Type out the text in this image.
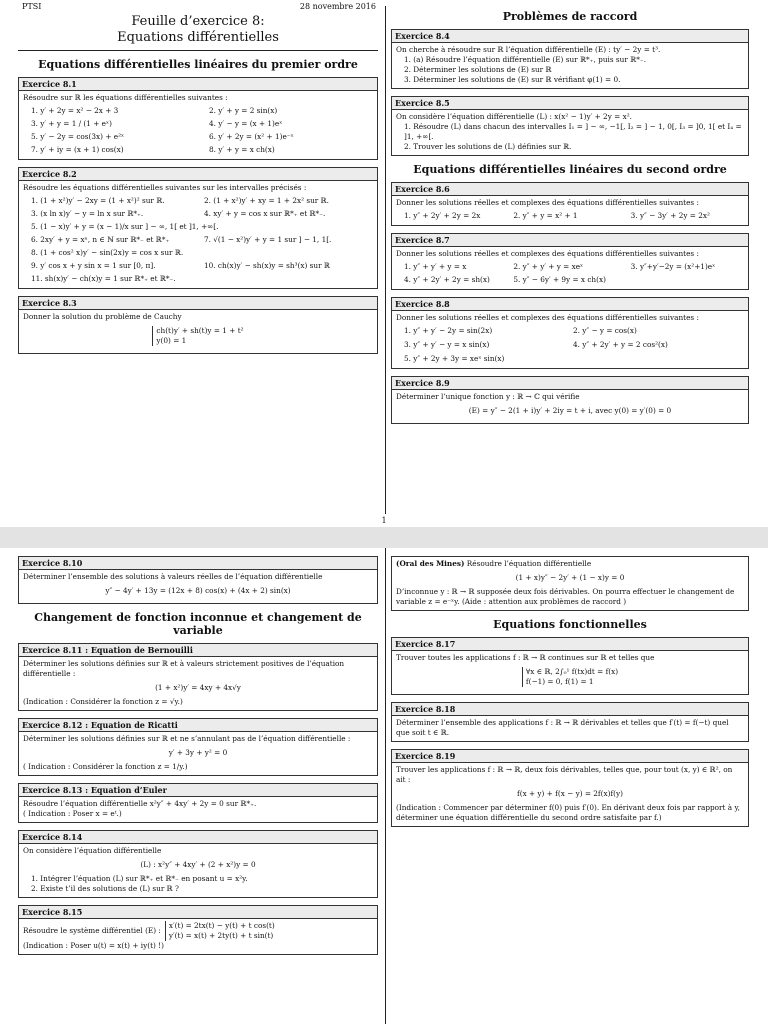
PTSI	28 novembre 2016
Feuille d’exercice 8:
Equations différentielles
Equations différentielles linéaires du premier ordre
Exercice 8.1
Résoudre sur ℝ les équations différentielles suivantes :
1. y′ + 2y = x² − 2x + 3	2. y′ + y = 2 sin(x)
3. y′ + y = 1 / (1 + eˣ)	4. y′ − y = (x + 1)eˣ
5. y′ − 2y = cos(3x) + e²ˣ	6. y′ + 2y = (x² + 1)e⁻ˣ
7. y′ + iy = (x + 1) cos(x)	8. y′ + y = x ch(x)
Exercice 8.2
Résoudre les équations différentielles suivantes sur les intervalles précisés :
1. (1 + x²)y′ − 2xy = (1 + x²)² sur ℝ.	2. (1 + x²)y′ + xy = 1 + 2x² sur ℝ.
3. (x ln x)y′ − y = ln x sur ℝ*₊.	4. xy′ + y = cos x sur ℝ*₊ et ℝ*₋.
5. (1 − x)y′ + y = (x − 1)/x sur ] − ∞, 1[ et ]1, +∞[.
6. 2xy′ + y = xⁿ, n ∈ ℕ sur ℝ*₋ et ℝ*₊	7. √(1 − x²)y′ + y = 1 sur ] − 1, 1[.
8. (1 + cos² x)y′ − sin(2x)y = cos x sur ℝ.
9. y′ cos x + y sin x = 1 sur [0, π].	10. ch(x)y′ − sh(x)y = sh³(x) sur ℝ
11. sh(x)y′ − ch(x)y = 1 sur ℝ*₊ et ℝ*₋.
Exercice 8.3
Donner la solution du problème de Cauchy
ch(t)y′ + sh(t)y = 1 + t²
y(0) = 1
Problèmes de raccord
Exercice 8.4
On cherche à résoudre sur ℝ l’équation différentielle (E) : ty′ − 2y = t³.
1. (a) Résoudre l’équation différentielle (E) sur ℝ*₊, puis sur ℝ*₋.
2. Déterminer les solutions de (E) sur ℝ
3. Déterminer les solutions de (E) sur ℝ vérifiant φ(1) = 0.
Exercice 8.5
On considère l’équation différentielle (L) : x(x² − 1)y′ + 2y = x².
1. Résoudre (L) dans chacun des intervalles I₁ = ] − ∞, −1[, I₂ = ] − 1, 0[, I₃ = ]0, 1[ et I₄ = ]1, +∞[.
2. Trouver les solutions de (L) définies sur ℝ.
Equations différentielles linéaires du second ordre
Exercice 8.6
Donner les solutions réelles et complexes des équations différentielles suivantes :
1. y″ + 2y′ + 2y = 2x	2. y″ + y = x² + 1	3. y″ − 3y′ + 2y = 2x²
Exercice 8.7
Donner les solutions réelles et complexes des équations différentielles suivantes :
1. y″ + y′ + y = x	2. y″ + y′ + y = xeˣ	3. y″+y′−2y = (x²+1)eˣ
4. y″ + 2y′ + 2y = sh(x)	5. y″ − 6y′ + 9y = x ch(x)
Exercice 8.8
Donner les solutions réelles et complexes des équations différentielles suivantes :
1. y″ + y′ − 2y = sin(2x)	2. y″ − y = cos(x)
3. y″ + y′ − y = x sin(x)	4. y″ + 2y′ + y = 2 cos²(x)
5. y″ + 2y + 3y = xeˣ sin(x)
Exercice 8.9
Déterminer l’unique fonction y : ℝ → ℂ qui vérifie
(E) = y″ − 2(1 + i)y′ + 2iy = t + i, avec y(0) = y′(0) = 0
1
Exercice 8.10
Déterminer l’ensemble des solutions à valeurs réelles de l’équation différentielle
y″ − 4y′ + 13y = (12x + 8) cos(x) + (4x + 2) sin(x)
Changement de fonction inconnue et changement de variable
Exercice 8.11 : Equation de Bernouilli
Déterminer les solutions définies sur ℝ et à valeurs strictement positives de l’équation différentielle :
(1 + x²)y′ = 4xy + 4x√y
(Indication : Considérer la fonction z = √y.)
Exercice 8.12 : Equation de Ricatti
Déterminer les solutions définies sur ℝ et ne s’annulant pas de l’équation différentielle :
y′ + 3y + y² = 0
( Indication : Considérer la fonction z = 1/y.)
Exercice 8.13 : Equation d’Euler
Résoudre l’équation différentielle x²y″ + 4xy′ + 2y = 0 sur ℝ*₊.
( Indication : Poser x = eᵗ.)
Exercice 8.14
On considère l’équation différentielle
(L) : x²y″ + 4xy′ + (2 + x²)y = 0
1. Intégrer l’équation (L) sur ℝ*₊ et ℝ*₋ en posant u = x²y.
2. Existe t’il des solutions de (L) sur ℝ ?
Exercice 8.15
Résoudre le système différentiel (E) :
x′(t) = 2tx(t) − y(t) + t cos(t)
y′(t) = x(t) + 2ty(t) + t sin(t)
(Indication : Poser u(t) = x(t) + iy(t) !)
(Oral des Mines) Résoudre l’équation différentielle
(1 + x)y″ − 2y′ + (1 − x)y = 0
D’inconnue y : ℝ → ℝ supposée deux fois dérivables. On pourra effectuer le changement de variable z = e⁻ˣy. (Aide : attention aux problèmes de raccord )
Equations fonctionnelles
Exercice 8.17
Trouver toutes les applications f : ℝ → ℝ continues sur ℝ et telles que
∀x ∈ ℝ, 2∫₀¹ f(tx)dt = f(x)
f(−1) = 0, f(1) = 1
Exercice 8.18
Déterminer l’ensemble des applications f : ℝ → ℝ dérivables et telles que f′(t) = f(−t) quel que soit t ∈ ℝ.
Exercice 8.19
Trouver les applications f : ℝ → ℝ, deux fois dérivables, telles que, pour tout (x, y) ∈ ℝ², on ait :
f(x + y) + f(x − y) = 2f(x)f(y)
(Indication : Commencer par déterminer f(0) puis f′(0). En dérivant deux fois par rapport à y, déterminer une équation différentielle du second ordre satisfaite par f.)
